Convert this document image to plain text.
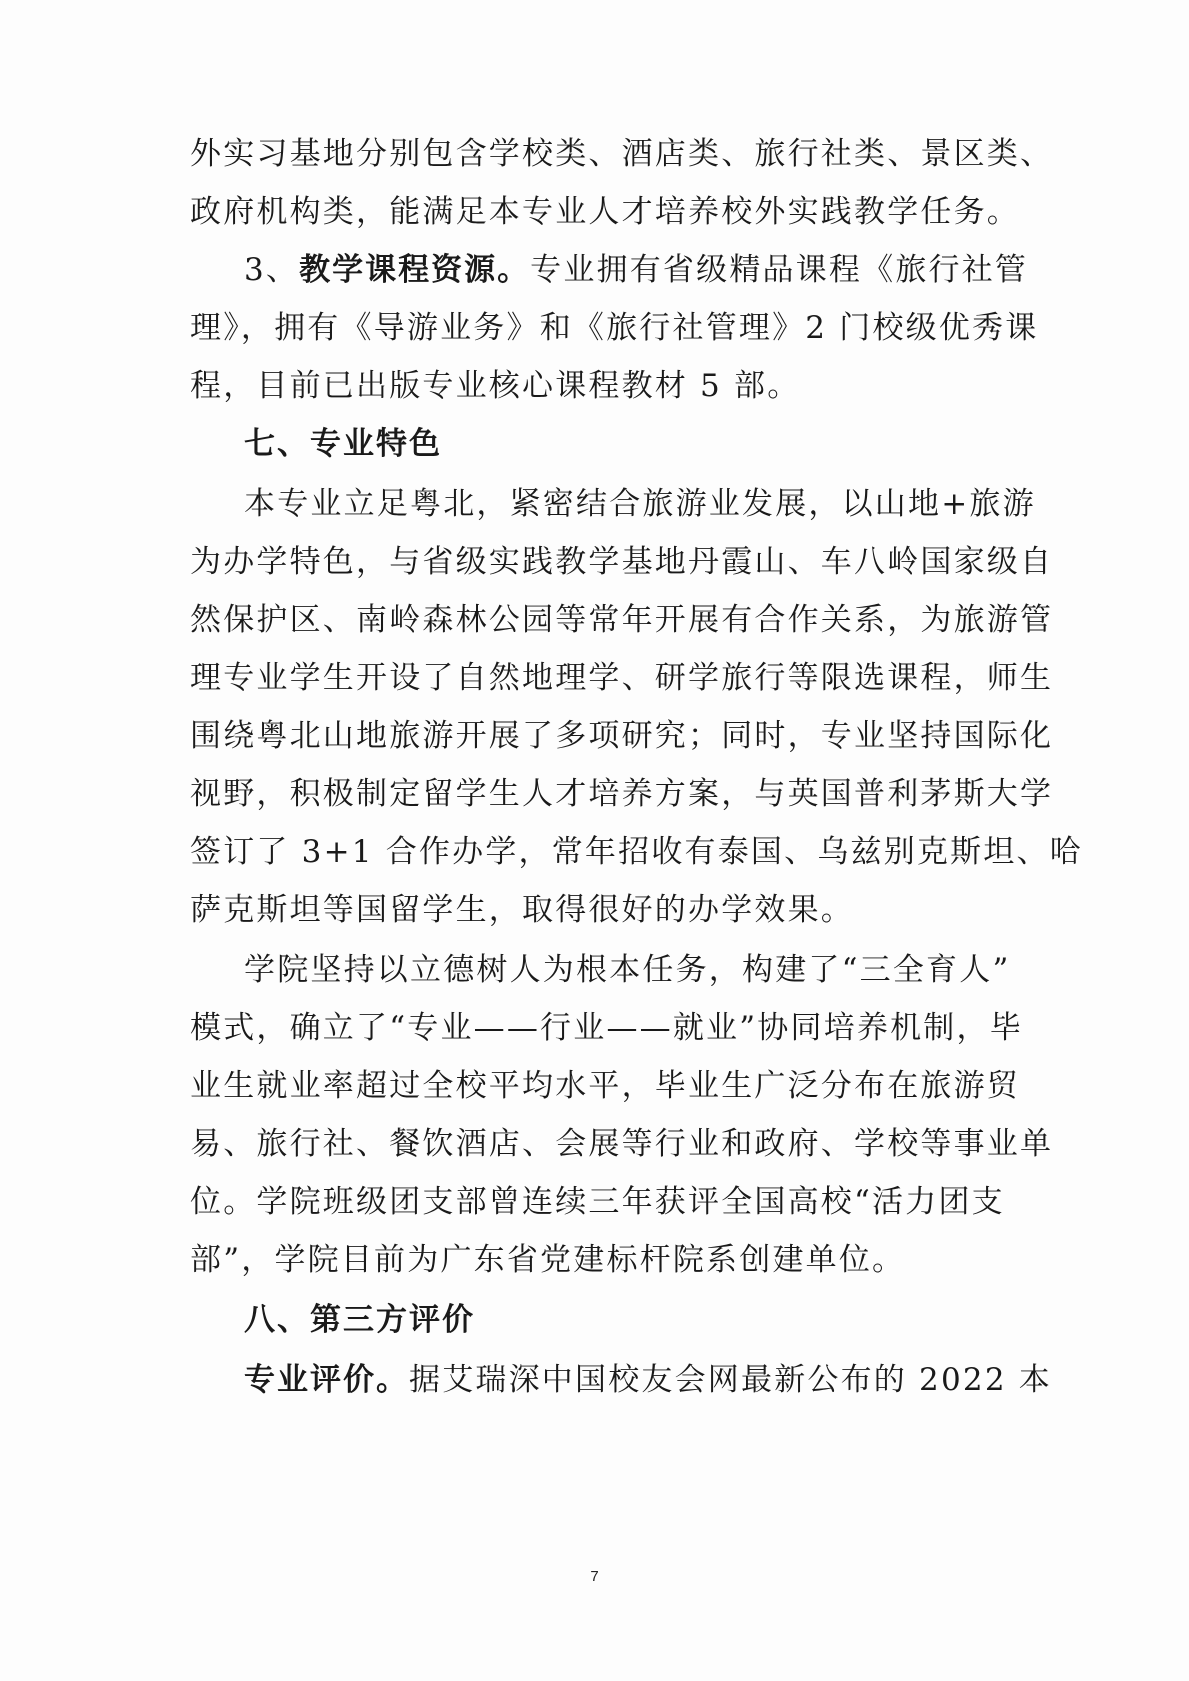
外实习基地分别包含学校类、酒店类、旅行社类、景区类、
政府机构类，能满足本专业人才培养校外实践教学任务。
3、教学课程资源。专业拥有省级精品课程《旅行社管
理》，拥有《导游业务》和《旅行社管理》2 门校级优秀课
程，目前已出版专业核心课程教材 5 部。
七、专业特色
本专业立足粤北，紧密结合旅游业发展，以山地+旅游
为办学特色，与省级实践教学基地丹霞山、车八岭国家级自
然保护区、南岭森林公园等常年开展有合作关系，为旅游管
理专业学生开设了自然地理学、研学旅行等限选课程，师生
围绕粤北山地旅游开展了多项研究；同时，专业坚持国际化
视野，积极制定留学生人才培养方案，与英国普利茅斯大学
签订了 3+1 合作办学，常年招收有泰国、乌兹别克斯坦、哈
萨克斯坦等国留学生，取得很好的办学效果。
学院坚持以立德树人为根本任务，构建了“三全育人”
模式，确立了“专业——行业——就业”协同培养机制，毕
业生就业率超过全校平均水平，毕业生广泛分布在旅游贸
易、旅行社、餐饮酒店、会展等行业和政府、学校等事业单
位。学院班级团支部曾连续三年获评全国高校“活力团支
部”，学院目前为广东省党建标杆院系创建单位。
八、第三方评价
专业评价。据艾瑞深中国校友会网最新公布的 2022 本
7
